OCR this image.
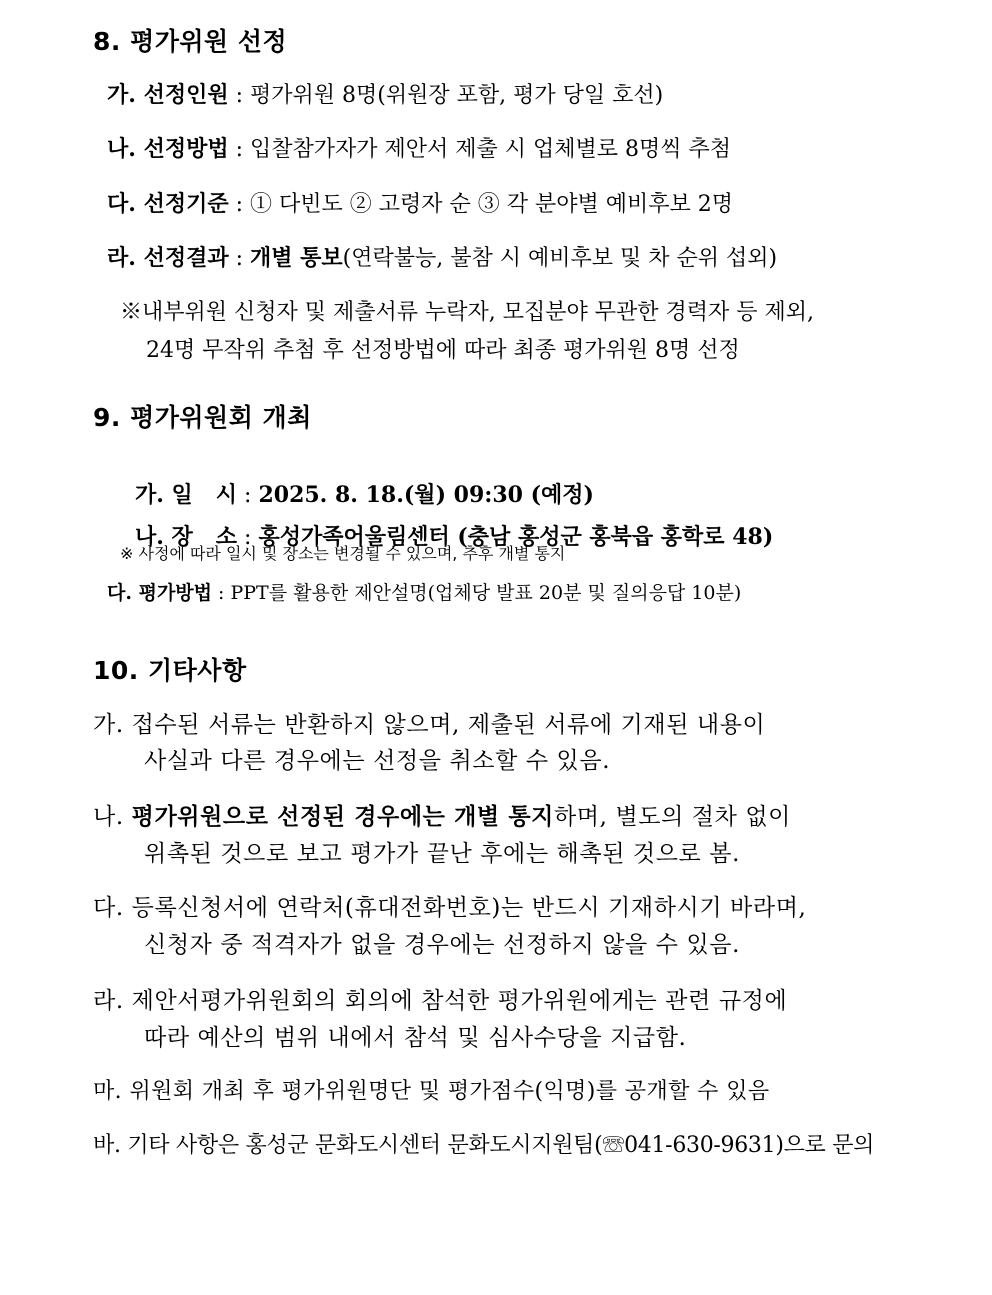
8. 평가위원 선정
가. 선정인원 : 평가위원 8명(위원장 포함, 평가 당일 호선)
나. 선정방법 : 입찰참가자가 제안서 제출 시 업체별로 8명씩 추첨
다. 선정기준 : ① 다빈도 ② 고령자 순 ③ 각 분야별 예비후보 2명
라. 선정결과 : 개별 통보(연락불능, 불참 시 예비후보 및 차 순위 섭외)
※내부위원 신청자 및 제출서류 누락자, 모집분야 무관한 경력자 등 제외,
24명 무작위 추첨 후 선정방법에 따라 최종 평가위원 8명 선정
9. 평가위원회 개최

가. 일   시 : 2025. 8. 18.(월) 09:30 (예정)

나. 장   소 : 홍성가족어울림센터 (충남 홍성군 홍북읍 홍학로 48)

※ 사정에 따라 일시 및 장소는 변경될 수 있으며, 추후 개별 통지
다. 평가방법 : PPT를 활용한 제안설명(업체당 발표 20분 및 질의응답 10분)
10. 기타사항
가. 접수된 서류는 반환하지 않으며, 제출된 서류에 기재된 내용이
사실과 다른 경우에는 선정을 취소할 수 있음.
나. 평가위원으로 선정된 경우에는 개별 통지하며, 별도의 절차 없이
위촉된 것으로 보고 평가가 끝난 후에는 해촉된 것으로 봄.
다. 등록신청서에 연락처(휴대전화번호)는 반드시 기재하시기 바라며,
신청자 중 적격자가 없을 경우에는 선정하지 않을 수 있음.
라. 제안서평가위원회의 회의에 참석한 평가위원에게는 관련 규정에
따라 예산의 범위 내에서 참석 및 심사수당을 지급함.
마. 위원회 개최 후 평가위원명단 및 평가점수(익명)를 공개할 수 있음
바. 기타 사항은 홍성군 문화도시센터 문화도시지원팀(☏041-630-9631)으로 문의
